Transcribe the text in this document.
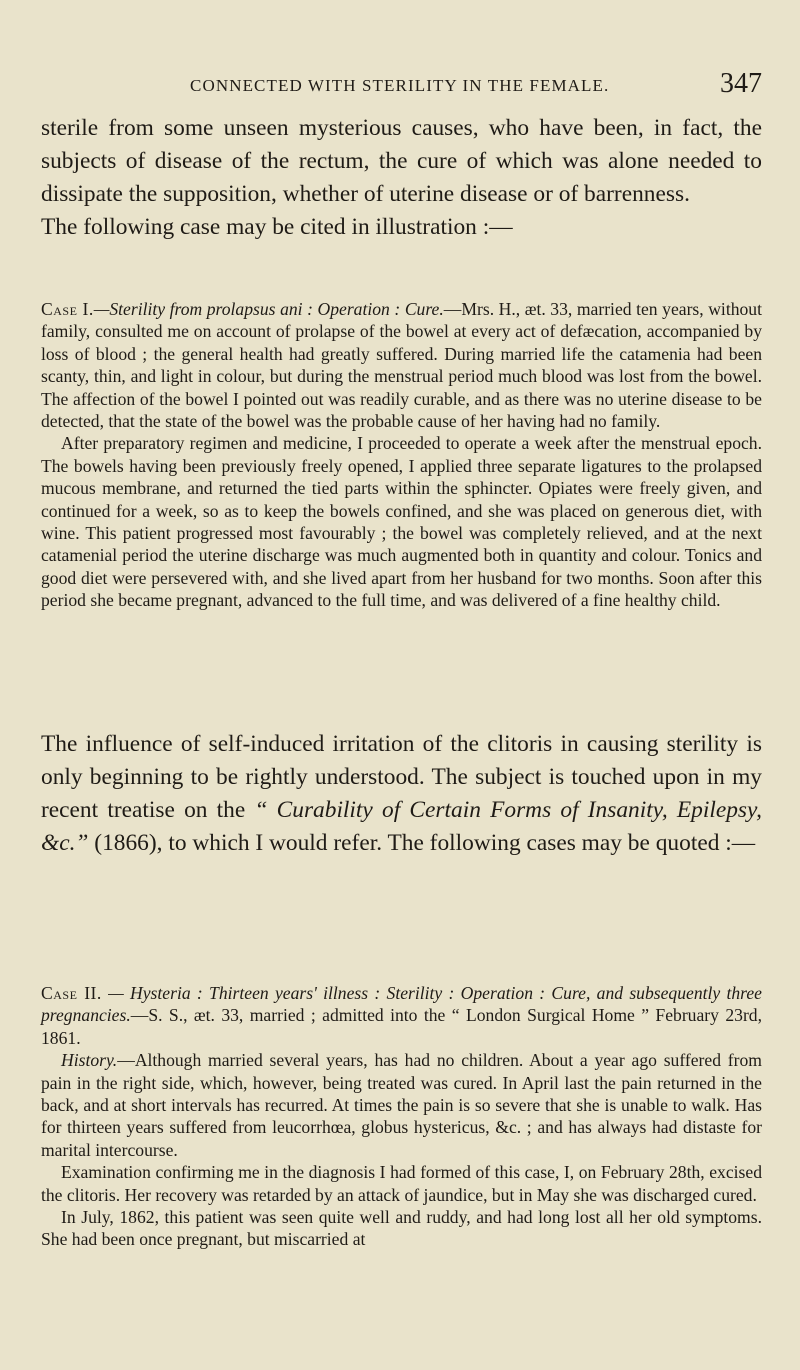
CONNECTED WITH STERILITY IN THE FEMALE.	347

sterile from some unseen mysterious causes, who have been, in fact, the subjects of disease of the rectum, the cure of which was alone needed to dissipate the supposition, whether of uterine disease or of barrenness.

The following case may be cited in illustration :—

Case I.—Sterility from prolapsus ani : Operation : Cure.—Mrs. H., æt. 33, married ten years, without family, consulted me on account of prolapse of the bowel at every act of defæcation, accompanied by loss of blood ; the general health had greatly suffered. During married life the catamenia had been scanty, thin, and light in colour, but during the menstrual period much blood was lost from the bowel. The affection of the bowel I pointed out was readily curable, and as there was no uterine disease to be detected, that the state of the bowel was the probable cause of her having had no family.

After preparatory regimen and medicine, I proceeded to operate a week after the menstrual epoch. The bowels having been previously freely opened, I applied three separate ligatures to the prolapsed mucous membrane, and returned the tied parts within the sphincter. Opiates were freely given, and continued for a week, so as to keep the bowels confined, and she was placed on generous diet, with wine. This patient progressed most favourably ; the bowel was completely relieved, and at the next catamenial period the uterine discharge was much augmented both in quantity and colour. Tonics and good diet were persevered with, and she lived apart from her husband for two months. Soon after this period she became pregnant, advanced to the full time, and was delivered of a fine healthy child.

The influence of self-induced irritation of the clitoris in causing sterility is only beginning to be rightly understood. The subject is touched upon in my recent treatise on the “ Curability of Certain Forms of Insanity, Epilepsy, &c.” (1866), to which I would refer. The following cases may be quoted :—

Case II. — Hysteria : Thirteen years' illness : Sterility : Operation : Cure, and subsequently three pregnancies.—S. S., æt. 33, married ; admitted into the “ London Surgical Home ” February 23rd, 1861.

History.—Although married several years, has had no children. About a year ago suffered from pain in the right side, which, however, being treated was cured. In April last the pain returned in the back, and at short intervals has recurred. At times the pain is so severe that she is unable to walk. Has for thirteen years suffered from leucorrhœa, globus hystericus, &c. ; and has always had distaste for marital intercourse.

Examination confirming me in the diagnosis I had formed of this case, I, on February 28th, excised the clitoris. Her recovery was retarded by an attack of jaundice, but in May she was discharged cured.

In July, 1862, this patient was seen quite well and ruddy, and had long lost all her old symptoms. She had been once pregnant, but miscarried at
